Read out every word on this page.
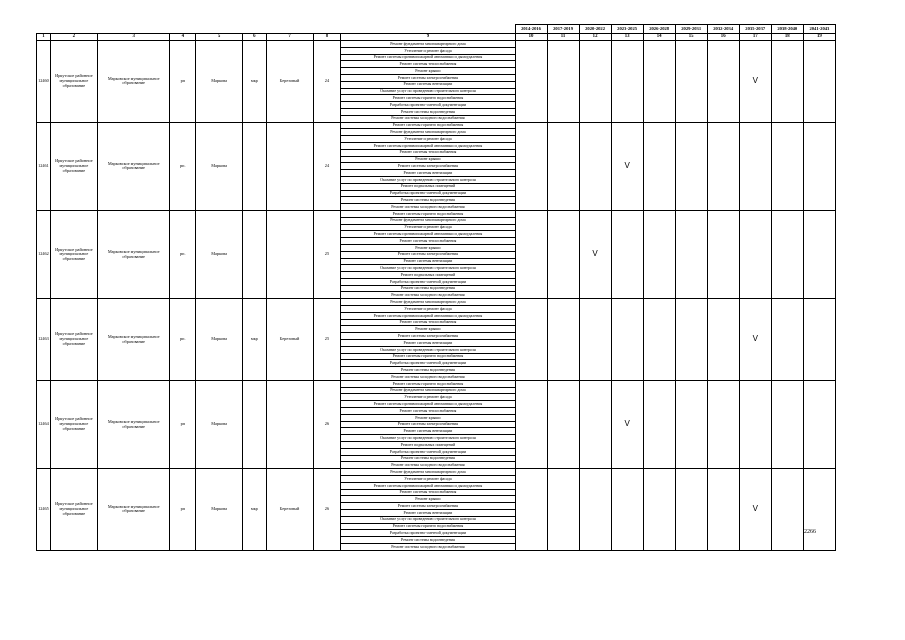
									2014-2016	2017-2019	2020-2022	2023-2025	2026-2028	2029-2031	2032-2034	2035-2037	2038-2040	2041-2043
1	2	3	4	5	6	7	8	9	10	11	12	13	14	15	16	17	18	19
12460	Иркутское районное муниципальное образование	Марковское муниципальное образование	рп	Маркова	мкр	Березовый	24	Ремонт фундамента многоквартирного дома								V		
								Утепление и ремонт фасада										
								Ремонт системы противопожарной автоматики и дымоудаления										
								Ремонт системы теплоснабжения										
								Ремонт крыши										
								Ремонт системы электроснабжения										
								Ремонт системы вентиляции										
								Оказание услуг по проведению строительного контроля										
								Ремонт системы горячего водоснабжения										
								Разработка проектно-сметной документации										
								Ремонт системы водоотведения										
								Ремонт системы холодного водоснабжения										
12461	Иркутское районное муниципальное образование	Марковское муниципальное образование	рп.	Маркова			24	Ремонт системы горячего водоснабжения				V						
								Ремонт фундамента многоквартирного дома										
								Утепление и ремонт фасада										
								Ремонт системы противопожарной автоматики и дымоудаления										
								Ремонт системы теплоснабжения										
								Ремонт крыши										
								Ремонт системы электроснабжения										
								Ремонт системы вентиляции										
								Оказание услуг по проведению строительного контроля										
								Ремонт подвальных помещений										
								Разработка проектно-сметной документации										
								Ремонт системы водоотведения										
								Ремонт системы холодного водоснабжения										
12462	Иркутское районное муниципальное образование	Марковское муниципальное образование	рп.	Маркова			25	Ремонт системы горячего водоснабжения			V							
								Ремонт фундамента многоквартирного дома										
								Утепление и ремонт фасада										
								Ремонт системы противопожарной автоматики и дымоудаления										
								Ремонт системы теплоснабжения										
								Ремонт крыши										
								Ремонт системы электроснабжения										
								Ремонт системы вентиляции										
								Оказание услуг по проведению строительного контроля										
								Ремонт подвальных помещений										
								Разработка проектно-сметной документации										
								Ремонт системы водоотведения										
								Ремонт системы холодного водоснабжения										
12463	Иркутское районное муниципальное образование	Марковское муниципальное образование	рп.	Маркова	мкр	Березовый	25	Ремонт фундамента многоквартирного дома								V		
								Утепление и ремонт фасада										
								Ремонт системы противопожарной автоматики и дымоудаления										
								Ремонт системы теплоснабжения										
								Ремонт крыши										
								Ремонт системы электроснабжения										
								Ремонт системы вентиляции										
								Оказание услуг по проведению строительного контроля										
								Ремонт системы горячего водоснабжения										
								Разработка проектно-сметной документации										
								Ремонт системы водоотведения										
								Ремонт системы холодного водоснабжения										
12464	Иркутское районное муниципальное образование	Марковское муниципальное образование	рп	Маркова			26	Ремонт системы горячего водоснабжения				V						
								Ремонт фундамента многоквартирного дома										
								Утепление и ремонт фасада										
								Ремонт системы противопожарной автоматики и дымоудаления										
								Ремонт системы теплоснабжения										
								Ремонт крыши										
								Ремонт системы электроснабжения										
								Ремонт системы вентиляции										
								Оказание услуг по проведению строительного контроля										
								Ремонт подвальных помещений										
								Разработка проектно-сметной документации										
								Ремонт системы водоотведения										
								Ремонт системы холодного водоснабжения										
12465	Иркутское районное муниципальное образование	Марковское муниципальное образование	рп	Маркова	мкр	Березовый	26	Ремонт фундамента многоквартирного дома								V		
								Утепление и ремонт фасада										
								Ремонт системы противопожарной автоматики и дымоудаления										
								Ремонт системы теплоснабжения										
								Ремонт крыши										
								Ремонт системы электроснабжения										
								Ремонт системы вентиляции										
								Оказание услуг по проведению строительного контроля										
								Ремонт системы горячего водоснабжения										
								Разработка проектно-сметной документации										
								Ремонт системы водоотведения										
								Ремонт системы холодного водоснабжения										
2266
